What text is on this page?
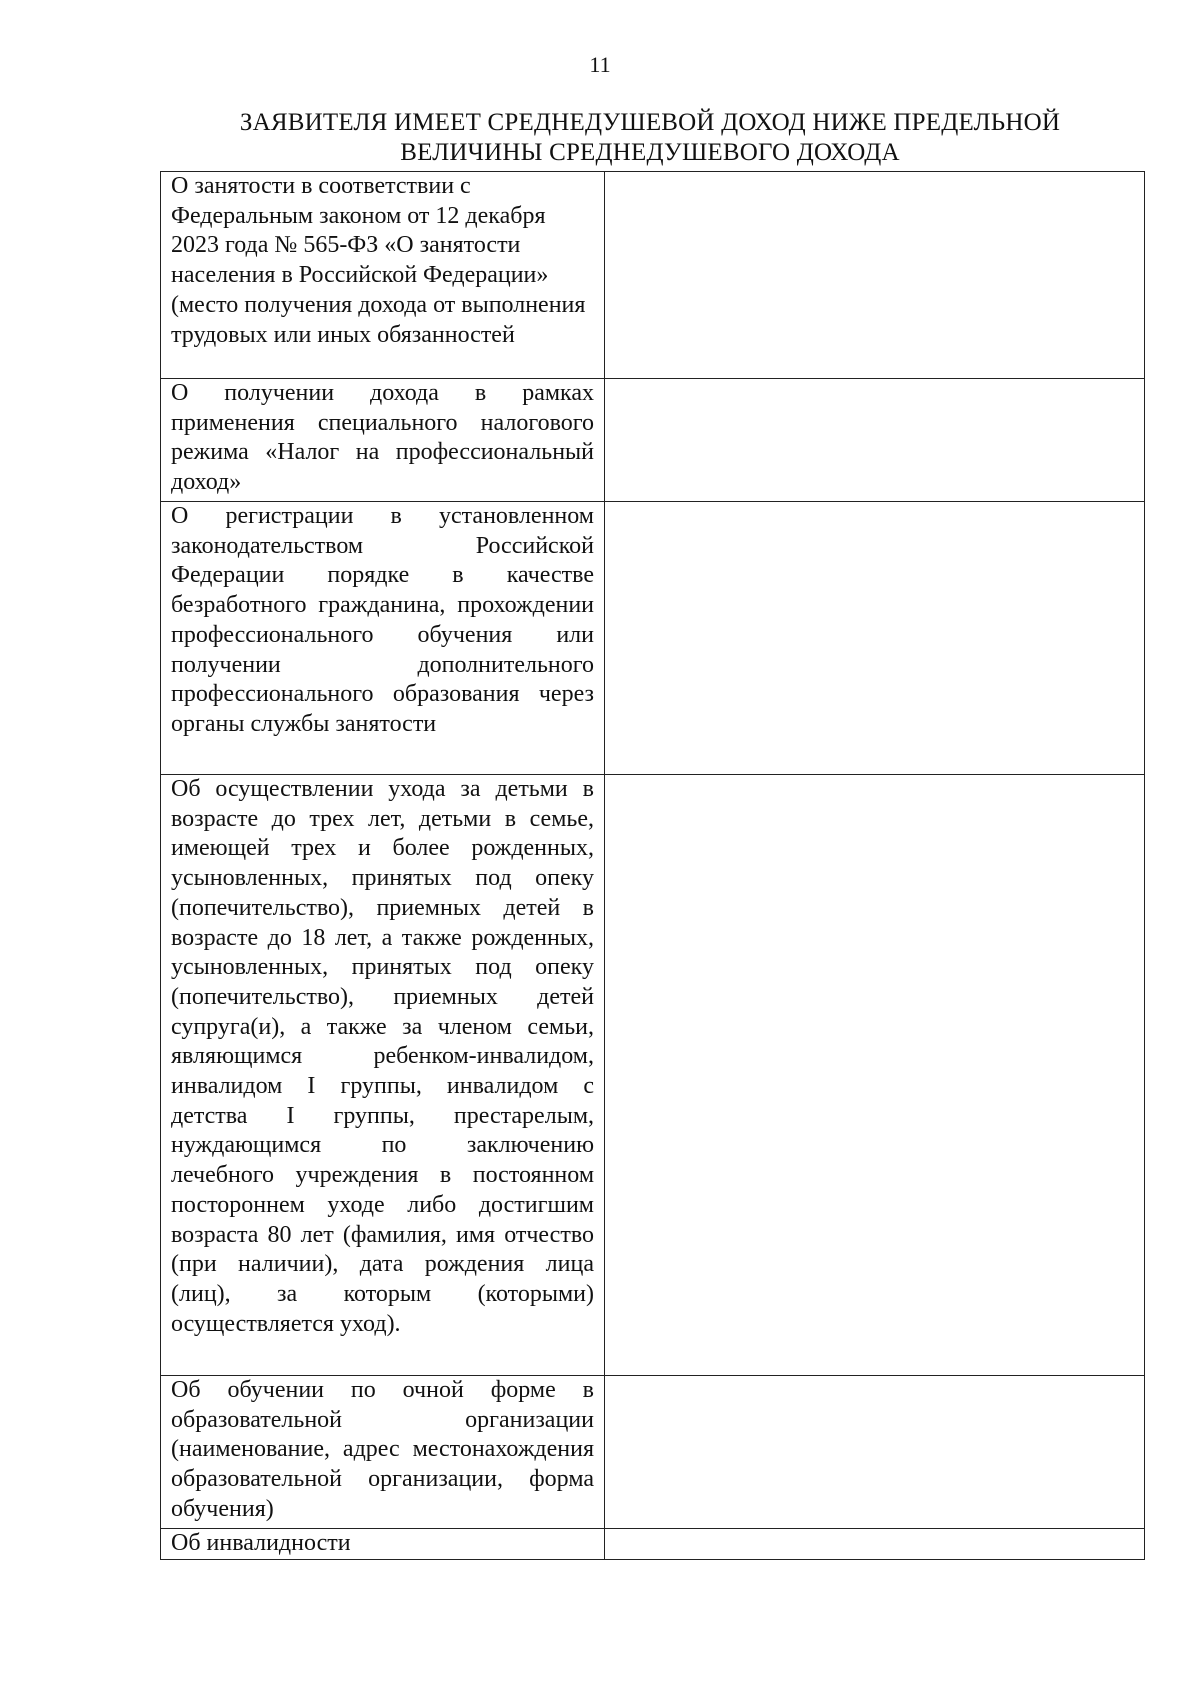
11
ЗАЯВИТЕЛЯ ИМЕЕТ СРЕДНЕДУШЕВОЙ ДОХОД НИЖЕ ПРЕДЕЛЬНОЙ
ВЕЛИЧИНЫ СРЕДНЕДУШЕВОГО ДОХОДА
О занятости в соответствии с Федеральным законом от 12 декабря 2023 года № 565-ФЗ «О занятости населения в Российской Федерации» (место получения дохода от выполнения трудовых или иных обязанностей	
О получении дохода в рамках применения специального налогового режима «Налог на профессиональный доход»	
О регистрации в установленном законодательством Российской Федерации порядке в качестве безработного гражданина, прохождении профессионального обучения или получении дополнительного профессионального образования через органы службы занятости	
Об осуществлении ухода за детьми в возрасте до трех лет, детьми в семье, имеющей трех и более рожденных, усыновленных, принятых под опеку (попечительство), приемных детей в возрасте до 18 лет, а также рожденных, усыновленных, принятых под опеку (попечительство), приемных детей супруга(и), а также за членом семьи, являющимся ребенком-инвалидом, инвалидом I группы, инвалидом с детства I группы, престарелым, нуждающимся по заключению лечебного учреждения в постоянном постороннем уходе либо достигшим возраста 80 лет (фамилия, имя отчество (при наличии), дата рождения лица (лиц), за которым (которыми) осуществляется уход).	
Об обучении по очной форме в образовательной организации (наименование, адрес местонахождения образовательной организации, форма обучения)	
Об инвалидности	
